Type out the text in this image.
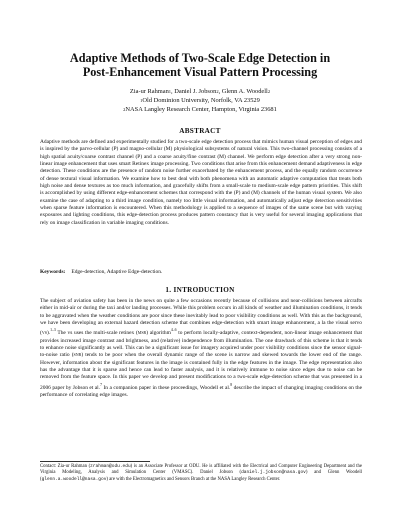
Adaptive Methods of Two-Scale Edge Detection in
Post-Enhancement Visual Pattern Processing
Zia-ur Rahman$^1$, Daniel J. Jobson$^2$, Glenn A. Woodell$^2$
$^1$Old Dominion University, Norfolk, VA 23529
$^2$NASA Langley Research Center, Hampton, Virginia 23681
ABSTRACT
Adaptive methods are defined and experimentally studied for a two-scale edge detection process that mimics human visual perception of edges and is inspired by the parvo-cellular (P) and magno-cellular (M) physiological subsystems of natural vision. This two-channel processing consists of a high spatial acuity/coarse contrast channel (P) and a coarse acuity/fine contrast (M) channel. We perform edge detection after a very strong non-linear image enhancement that uses smart Retinex image processing. Two conditions that arise from this enhancement demand adaptiveness in edge detection. These conditions are the presence of random noise further exacerbated by the enhancement process, and the equally random occurrence of dense textural visual information. We examine how to best deal with both phenomena with an automatic adaptive computation that treats both high noise and dense textures as too much information, and gracefully shifts from a small-scale to medium-scale edge pattern priorities. This shift is accomplished by using different edge-enhancement schemes that correspond with the (P) and (M) channels of the human visual system. We also examine the case of adapting to a third image condition, namely too little visual information, and automatically adjust edge detection sensitivities when sparse feature information is encountered. When this methodology is applied to a sequence of images of the same scene but with varying exposures and lighting conditions, this edge-detection process produces pattern constancy that is very useful for several imaging applications that rely on image classification in variable imaging conditions.
Keywords: Edge-detection, Adaptive Edge-detection.
1. INTRODUCTION
The subject of aviation safety has been in the news on quite a few occasions recently because of collisions and near-collisions between aircrafts either in mid-air or during the taxi and/or landing processes. While this problem occurs in all kinds of weather and illumination conditions, it tends to be aggravated when the weather conditions are poor since these inevitably lead to poor visibility conditions as well. With this as the background, we have been developing an external hazard detection scheme that combines edge-detection with smart image enhancement, a la the visual servo (vs).$^{1-3}$ The vs uses the multi-scale retinex (msr) algorithm$^{4-6}$ to perform locally-adaptive, context-dependent, non-linear image enhancement that provides increased image contrast and brightness, and (relative) independence from illumination. The one drawback of this scheme is that it tends to enhance noise significantly as well. This can be a significant issue for imagery acquired under poor visibility conditions since the sensor signal-to-noise ratio (snr) tends to be poor when the overall dynamic range of the scene is narrow and skewed towards the lower end of the range. However, information about the significant features in the image is contained fully in the edge features in the image. The edge representation also has the advantage that it is sparse and hence can lead to faster analysis, and it is relatively immune to noise since edges due to noise can be removed from the feature space. In this paper we develop and present modifications to a two-scale edge-detection scheme that was presented in a 2006 paper by Jobson et al.$^7$ In a companion paper in these proceedings, Woodell et al.$^8$ describe the impact of changing imaging conditions on the performance of correlating edge images.
Contact: Zia-ur Rahman (zrahman@odu.edu) is an Associate Professor at ODU. He is affiliated with the Electrical and Computer Engineering Department and the Virginia Modeling, Analysis and Simulation Center (VMASC). Daniel Jobson (daniel.j.jobson@nasa.gov) and Glenn Woodell (glenn.a.woodell@nasa.gov) are with the Electromagnetics and Sensors Branch at the NASA Langley Research Center.
